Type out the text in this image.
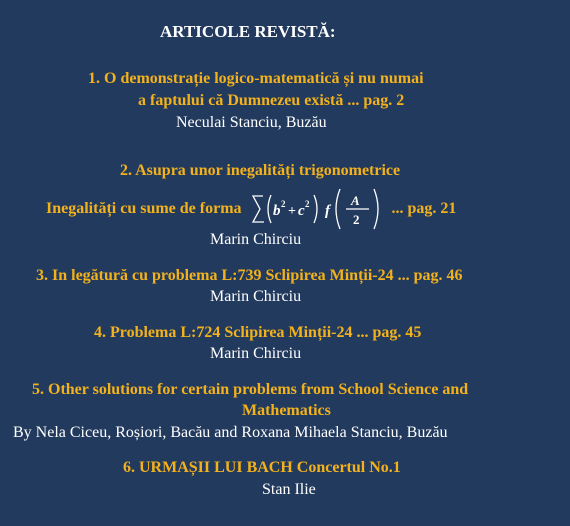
ARTICOLE REVISTĂ:
1. O demonstrație logico-matematică și nu numai
a faptului că Dumnezeu există ... pag. 2
Neculai Stanciu, Buzău
2. Asupra unor inegalități trigonometrice
Inegalități cu sume de forma b 2 + c 2 f
A
2
... pag. 21
Marin Chirciu
3. In legătură cu problema L:739 Sclipirea Minții-24 ... pag. 46
Marin Chirciu
4. Problema L:724 Sclipirea Minții-24 ... pag. 45
Marin Chirciu
5. Other solutions for certain problems from School Science and
Mathematics
By Nela Ciceu, Roșiori, Bacău and Roxana Mihaela Stanciu, Buzău
6. URMAȘII LUI BACH Concertul No.1
Stan Ilie
